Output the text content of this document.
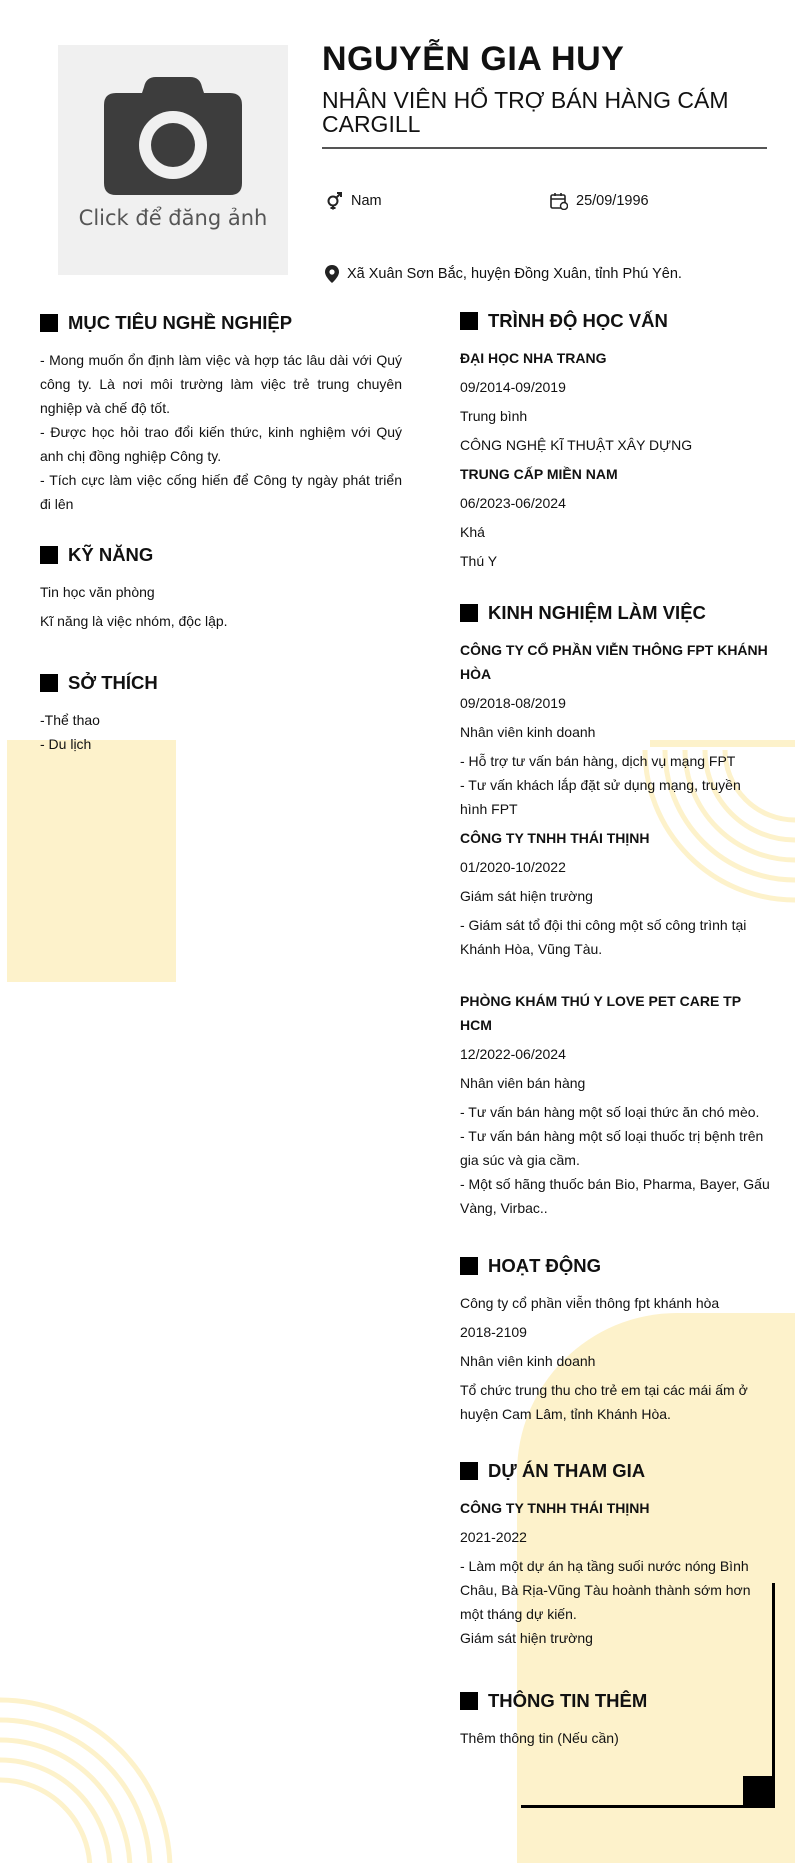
Click để đăng ảnh
NGUYỄN GIA HUY
NHÂN VIÊN HỔ TRỢ BÁN HÀNG CÁM CARGILL
Nam	25/09/1996
Xã Xuân Sơn Bắc, huyện Đồng Xuân, tỉnh Phú Yên.
MỤC TIÊU NGHỀ NGHIỆP

- Mong muốn ổn định làm việc và hợp tác lâu dài với Quý công ty. Là nơi môi trường làm việc trẻ trung chuyên nghiệp và chế độ tốt.

- Được học hỏi trao đổi kiến thức, kinh nghiệm với Quý anh chị đồng nghiệp Công ty.

- Tích cực làm việc cống hiến để Công ty ngày phát triển đi lên

KỸ NĂNG

Tin học văn phòng

Kĩ năng là việc nhóm, độc lập.

SỞ THÍCH

-Thể thao

- Du lịch

TRÌNH ĐỘ HỌC VẤN

ĐẠI HỌC NHA TRANG

09/2014-09/2019

Trung bình

CÔNG NGHỆ KĨ THUẬT XÂY DỰNG

TRUNG CẤP MIỀN NAM

06/2023-06/2024

Khá

Thú Y

KINH NGHIỆM LÀM VIỆC

CÔNG TY CỔ PHẦN VIỄN THÔNG FPT KHÁNH HÒA

09/2018-08/2019

Nhân viên kinh doanh

- Hỗ trợ tư vấn bán hàng, dịch vụ mạng FPT

- Tư vấn khách lắp đặt sử dụng mạng, truyền hình FPT

CÔNG TY TNHH THÁI THỊNH

01/2020-10/2022

Giám sát hiện trường

- Giám sát tổ đội thi công một số công trình tại Khánh Hòa, Vũng Tàu.

PHÒNG KHÁM THÚ Y LOVE PET CARE TP HCM

12/2022-06/2024

Nhân viên bán hàng

- Tư vấn bán hàng một số loại thức ăn chó mèo.

- Tư vấn bán hàng một số loại thuốc trị bệnh trên gia súc và gia cầm.

- Một số hãng thuốc bán Bio, Pharma, Bayer, Gấu Vàng, Virbac..

HOẠT ĐỘNG

Công ty cổ phần viễn thông fpt khánh hòa

2018-2109

Nhân viên kinh doanh

Tổ chức trung thu cho trẻ em tại các mái ấm ở huyện Cam Lâm, tỉnh Khánh Hòa.

DỰ ÁN THAM GIA

CÔNG TY TNHH THÁI THỊNH

2021-2022

- Làm một dự án hạ tầng suối nước nóng Bình Châu, Bà Rịa-Vũng Tàu hoành thành sớm hơn một tháng dự kiến.

Giám sát hiện trường

THÔNG TIN THÊM

Thêm thông tin (Nếu cần)
